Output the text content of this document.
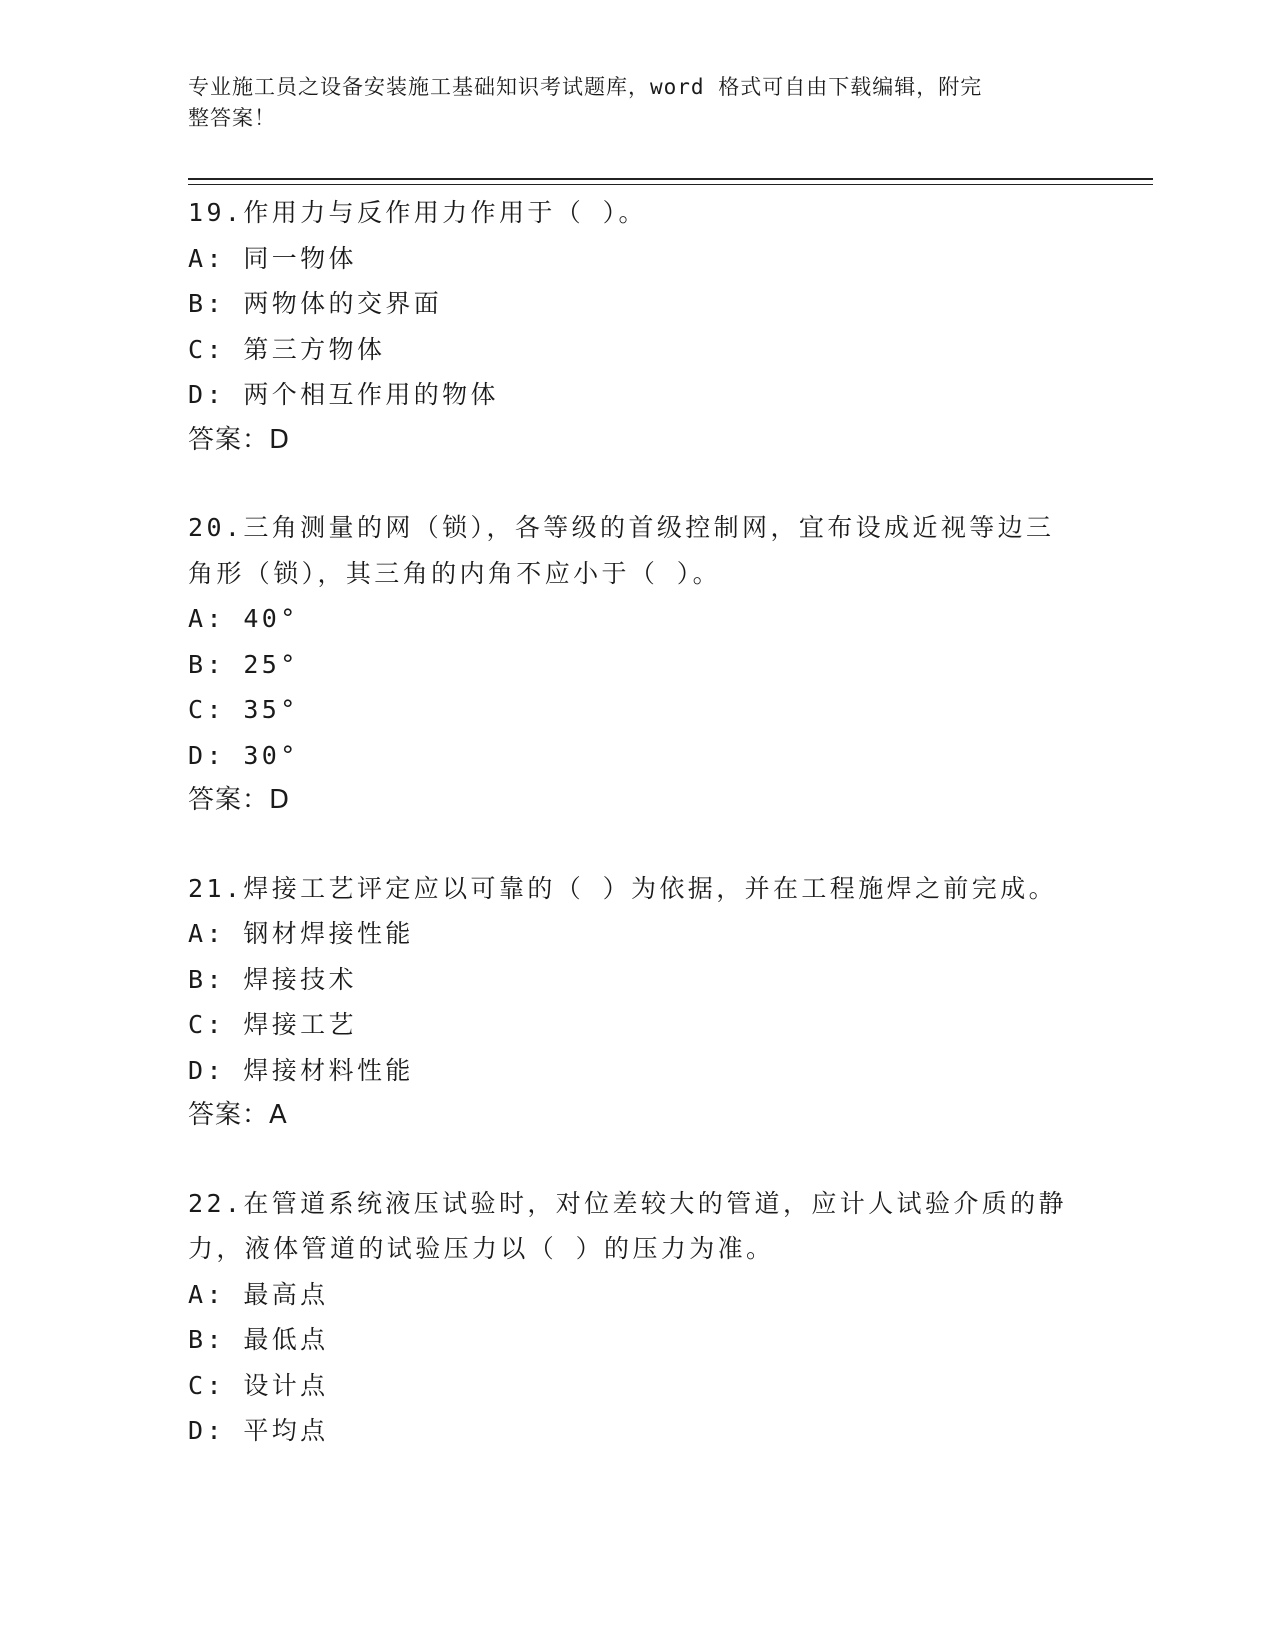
专业施工员之设备安装施工基础知识考试题库，word 格式可自由下载编辑，附完
整答案！
19.作用力与反作用力作用于（ ）。
A: 同一物体
B: 两物体的交界面
C: 第三方物体
D: 两个相互作用的物体
答案：D
20.三角测量的网（锁），各等级的首级控制网，宜布设成近视等边三角形（锁），其三角的内角不应小于（ ）。
A: 40°
B: 25°
C: 35°
D: 30°
答案：D
21.焊接工艺评定应以可靠的（ ）为依据，并在工程施焊之前完成。
A: 钢材焊接性能
B: 焊接技术
C: 焊接工艺
D: 焊接材料性能
答案：A
22.在管道系统液压试验时，对位差较大的管道，应计人试验介质的静力，液体管道的试验压力以（ ）的压力为准。
A: 最高点
B: 最低点
C: 设计点
D: 平均点
